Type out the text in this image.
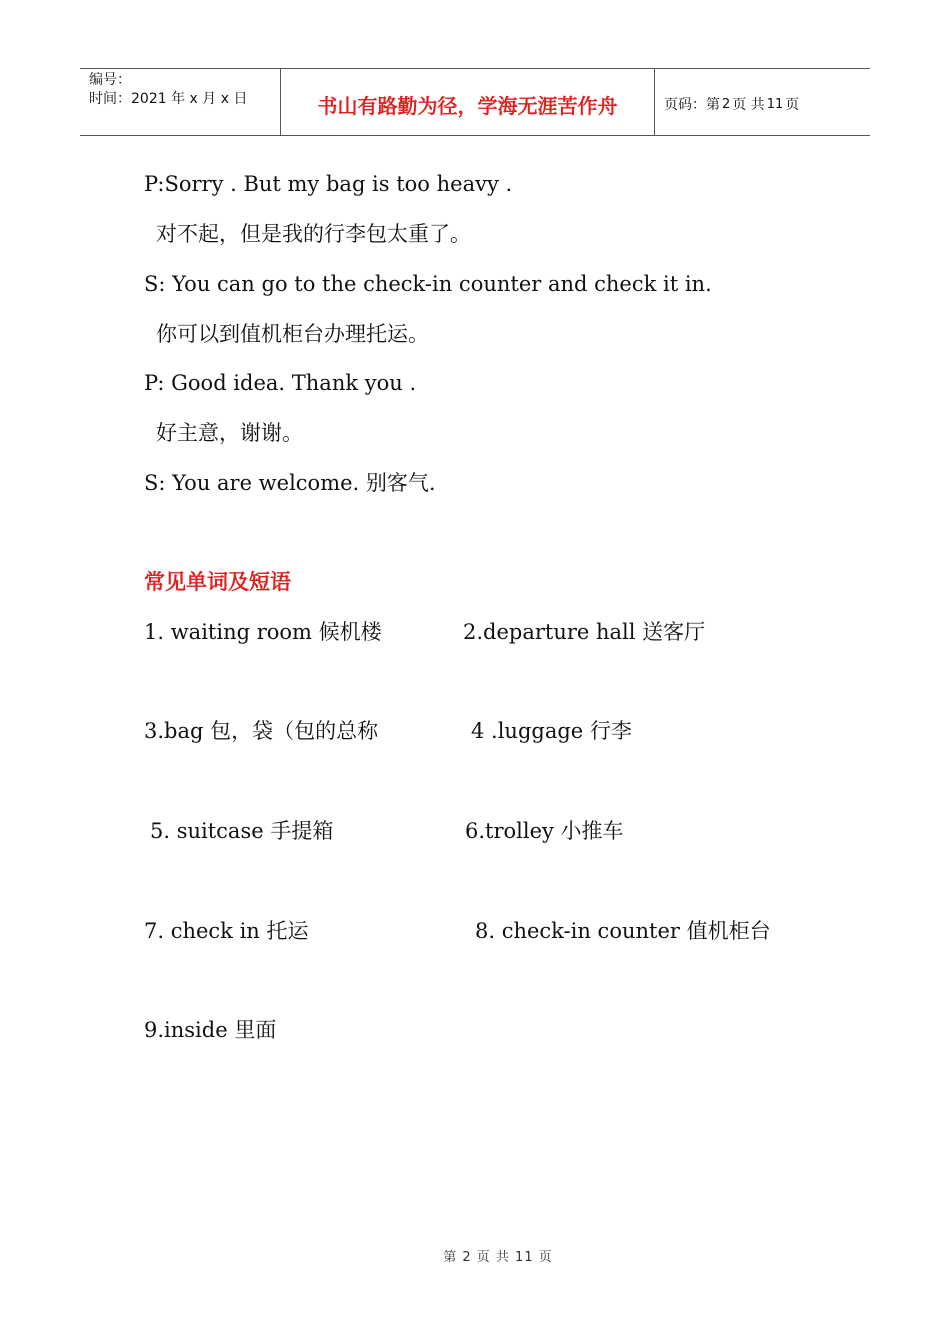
编号：
时间：2021 年 x 月 x 日	书山有路勤为径，学海无涯苦作舟	页码：第 2 页 共 11 页
P:Sorry . But my bag is too heavy .
对不起，但是我的行李包太重了。
S: You can go to the check-in counter and check it in.
你可以到值机柜台办理托运。
P: Good idea. Thank you .
好主意，谢谢。
S: You are welcome. 别客气.
常见单词及短语
1. waiting room 候机楼	2.departure hall 送客厅
3.bag 包，袋（包的总称	4 .luggage 行李
5. suitcase 手提箱	6.trolley 小推车
7. check in 托运	8. check-in counter 值机柜台
9.inside 里面
第 2 页 共 11 页
